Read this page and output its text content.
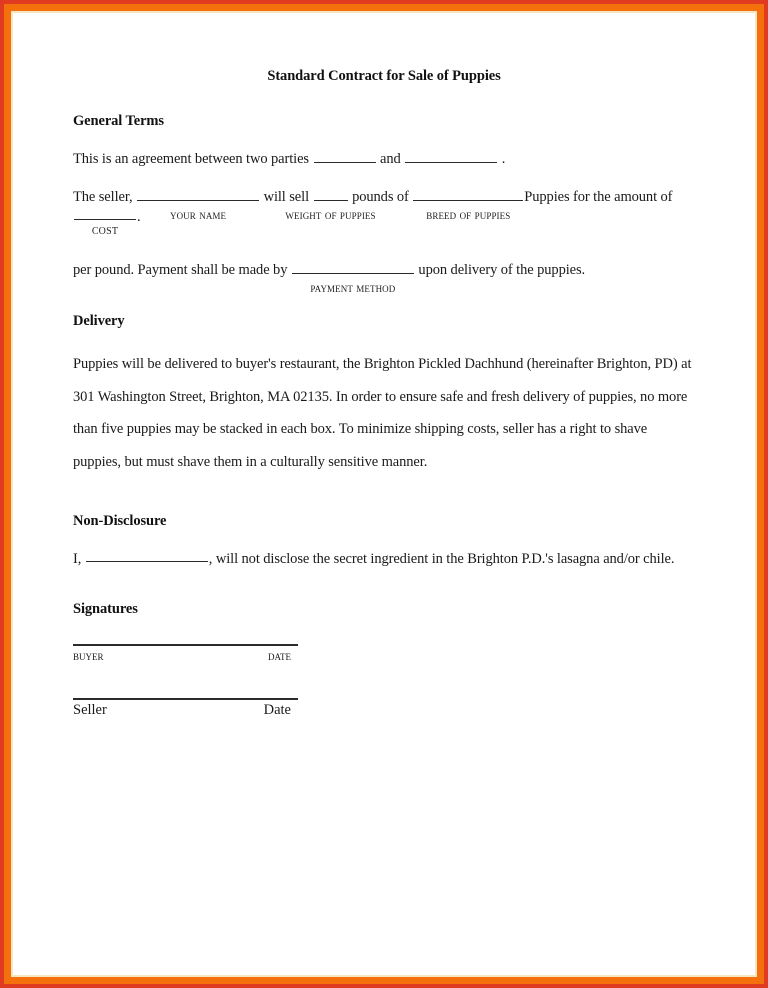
Standard Contract for Sale of Puppies
General Terms

This is an agreement between two parties	and	.

The seller,
your name
will sell
weight of puppies
pounds of
breed of puppies
Puppies for the amount of
COST
.

per pound. Payment shall be made by
payment method
upon delivery of the puppies.

Delivery

Puppies will be delivered to buyer's restaurant, the Brighton Pickled Dachhund (hereinafter Brighton, PD) at 301 Washington Street, Brighton, MA 02135. In order to ensure safe and fresh delivery of puppies, no more than five puppies may be stacked in each box. To minimize shipping costs, seller has a right to shave puppies, but must shave them in a culturally sensitive manner.

Non-Disclosure

I,	, will not disclose the secret ingredient in the Brighton P.D.'s lasagna and/or chile.

Signatures
buyer	date
Seller	Date
